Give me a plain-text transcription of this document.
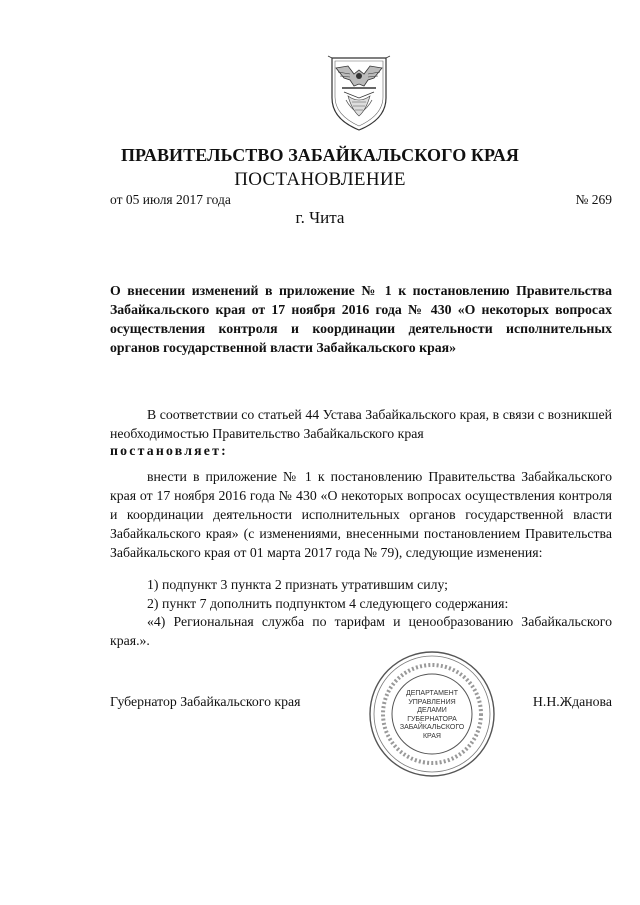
ПРАВИТЕЛЬСТВО ЗАБАЙКАЛЬСКОГО КРАЯ
ПОСТАНОВЛЕНИЕ
от 05 июля 2017 года	№ 269
г. Чита
О внесении изменений в приложение № 1 к постановлению Правительства Забайкальского края от 17 ноября 2016 года № 430 «О некоторых вопросах осуществления контроля и координации деятельности исполнительных органов государственной власти Забайкальского края»
В соответствии со статьей 44 Устава Забайкальского края, в связи с возникшей необходимостью Правительство Забайкальского края
постановляет:
внести в приложение № 1 к постановлению Правительства Забайкальского края от 17 ноября 2016 года № 430 «О некоторых вопросах осуществления контроля и координации деятельности исполнительных органов государственной власти Забайкальского края» (с изменениями, внесенными постановлением Правительства Забайкальского края от 01 марта 2017 года № 79), следующие изменения:
1) подпункт 3 пункта 2 признать утратившим силу;
2) пункт 7 дополнить подпунктом 4 следующего содержания:
«4) Региональная служба по тарифам и ценообразованию Забайкальского края.».
ДЕПАРТАМЕНТ
УПРАВЛЕНИЯ
ДЕЛАМИ
ГУБЕРНАТОРА
ЗАБАЙКАЛЬСКОГО
КРАЯ
Губернатор Забайкальского края	Н.Н.Жданова
